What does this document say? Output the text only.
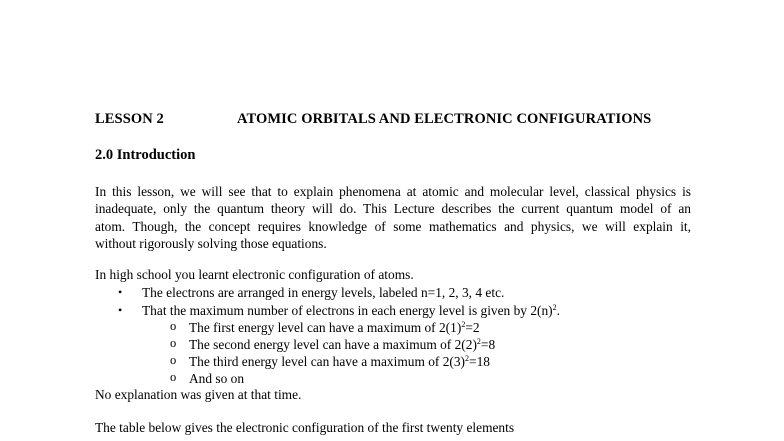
LESSON 2	ATOMIC ORBITALS AND ELECTRONIC CONFIGURATIONS
2.0 Introduction
In this lesson, we will see that to explain phenomena at atomic and molecular level, classical physics is
inadequate, only the quantum theory will do. This Lecture describes the current quantum model of an
atom. Though, the concept requires knowledge of some mathematics and physics, we will explain it,
without rigorously solving those equations.
In high school you learnt electronic configuration of atoms.
• The electrons are arranged in energy levels, labeled n=1, 2, 3, 4 etc.
• That the maximum number of electrons in each energy level is given by $2(n)^2$.
o The first energy level can have a maximum of $2(1)^2=2$
o The second energy level can have a maximum of $2(2)^2=8$
o The third energy level can have a maximum of $2(3)^2=18$
o And so on
No explanation was given at that time.
The table below gives the electronic configuration of the first twenty elements
